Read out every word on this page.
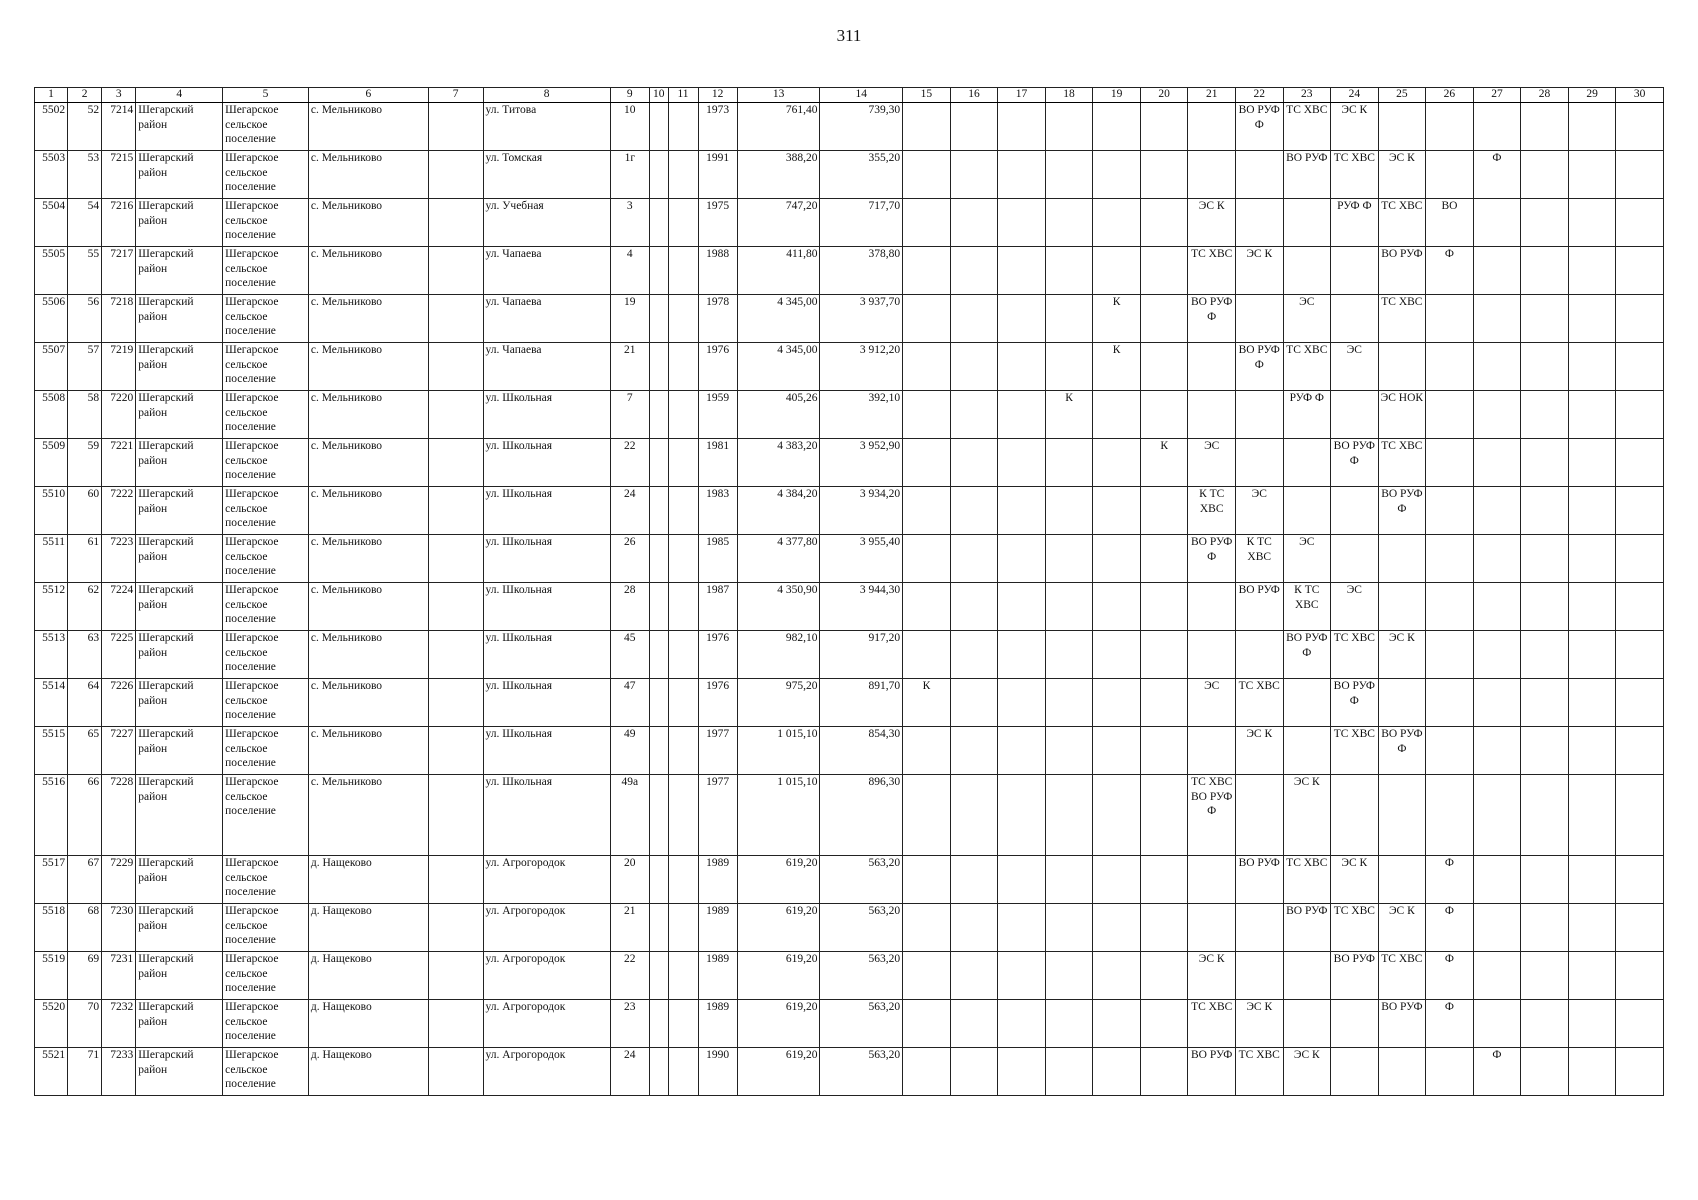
311
1	2	3	4	5	6	7	8	9	10	11	12	13	14	15	16	17	18	19	20	21	22	23	24	25	26	27	28	29	30
5502	52	7214	Шегарский район	Шегарское сельское поселение	с. Мельниково		ул. Титова	10			1973	761,40	739,30								ВО РУФ Ф	ТС ХВС	ЭС К						
5503	53	7215	Шегарский район	Шегарское сельское поселение	с. Мельниково		ул. Томская	1г			1991	388,20	355,20									ВО РУФ	ТС ХВС	ЭС К		Ф			
5504	54	7216	Шегарский район	Шегарское сельское поселение	с. Мельниково		ул. Учебная	3			1975	747,20	717,70							ЭС К			РУФ Ф	ТС ХВС	ВО				
5505	55	7217	Шегарский район	Шегарское сельское поселение	с. Мельниково		ул. Чапаева	4			1988	411,80	378,80							ТС ХВС	ЭС К			ВО РУФ	Ф				
5506	56	7218	Шегарский район	Шегарское сельское поселение	с. Мельниково		ул. Чапаева	19			1978	4 345,00	3 937,70					К		ВО РУФ Ф		ЭС		ТС ХВС					
5507	57	7219	Шегарский район	Шегарское сельское поселение	с. Мельниково		ул. Чапаева	21			1976	4 345,00	3 912,20					К			ВО РУФ Ф	ТС ХВС	ЭС						
5508	58	7220	Шегарский район	Шегарское сельское поселение	с. Мельниково		ул. Школьная	7			1959	405,26	392,10				К					РУФ Ф		ЭС НОК					
5509	59	7221	Шегарский район	Шегарское сельское поселение	с. Мельниково		ул. Школьная	22			1981	4 383,20	3 952,90						К	ЭС			ВО РУФ Ф	ТС ХВС					
5510	60	7222	Шегарский район	Шегарское сельское поселение	с. Мельниково		ул. Школьная	24			1983	4 384,20	3 934,20							К ТС ХВС	ЭС			ВО РУФ Ф					
5511	61	7223	Шегарский район	Шегарское сельское поселение	с. Мельниково		ул. Школьная	26			1985	4 377,80	3 955,40							ВО РУФ Ф	К ТС ХВС	ЭС							
5512	62	7224	Шегарский район	Шегарское сельское поселение	с. Мельниково		ул. Школьная	28			1987	4 350,90	3 944,30								ВО РУФ	К ТС ХВС	ЭС						
5513	63	7225	Шегарский район	Шегарское сельское поселение	с. Мельниково		ул. Школьная	45			1976	982,10	917,20									ВО РУФ Ф	ТС ХВС	ЭС К					
5514	64	7226	Шегарский район	Шегарское сельское поселение	с. Мельниково		ул. Школьная	47			1976	975,20	891,70	К						ЭС	ТС ХВС		ВО РУФ Ф						
5515	65	7227	Шегарский район	Шегарское сельское поселение	с. Мельниково		ул. Школьная	49			1977	1 015,10	854,30								ЭС К		ТС ХВС	ВО РУФ Ф					
5516	66	7228	Шегарский район	Шегарское сельское поселение	с. Мельниково		ул. Школьная	49а			1977	1 015,10	896,30							ТС ХВС ВО РУФ Ф		ЭС К							
5517	67	7229	Шегарский район	Шегарское сельское поселение	д. Нащеково		ул. Агрогородок	20			1989	619,20	563,20								ВО РУФ	ТС ХВС	ЭС К		Ф				
5518	68	7230	Шегарский район	Шегарское сельское поселение	д. Нащеково		ул. Агрогородок	21			1989	619,20	563,20									ВО РУФ	ТС ХВС	ЭС К	Ф				
5519	69	7231	Шегарский район	Шегарское сельское поселение	д. Нащеково		ул. Агрогородок	22			1989	619,20	563,20							ЭС К			ВО РУФ	ТС ХВС	Ф				
5520	70	7232	Шегарский район	Шегарское сельское поселение	д. Нащеково		ул. Агрогородок	23			1989	619,20	563,20							ТС ХВС	ЭС К			ВО РУФ	Ф				
5521	71	7233	Шегарский район	Шегарское сельское поселение	д. Нащеково		ул. Агрогородок	24			1990	619,20	563,20							ВО РУФ	ТС ХВС	ЭС К				Ф			
